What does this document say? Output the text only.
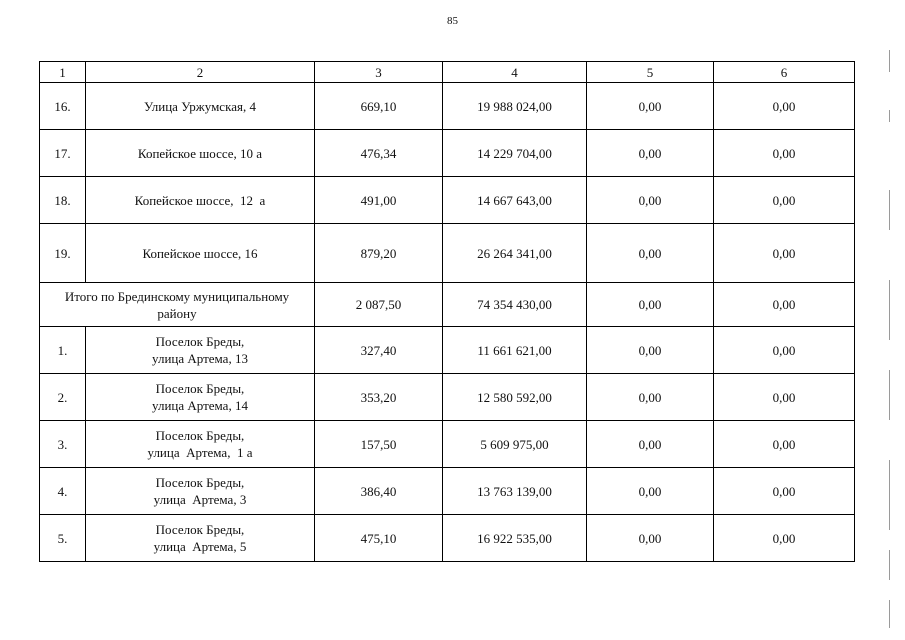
85
1	2	3	4	5	6
16.	Улица Уржумская, 4	669,10	19 988 024,00	0,00	0,00
17.	Копейское шоссе, 10 а	476,34	14 229 704,00	0,00	0,00
18.	Копейское шоссе,  12  а	491,00	14 667 643,00	0,00	0,00
19.	Копейское шоссе, 16	879,20	26 264 341,00	0,00	0,00

Итого по Брединскому муниципальному
району		2 087,50	74 354 430,00	0,00	0,00
1.	Поселок Бреды,
улица Артема, 13	327,40	11 661 621,00	0,00	0,00
2.	Поселок Бреды,
улица Артема, 14	353,20	12 580 592,00	0,00	0,00
3.	Поселок Бреды,
улица  Артема,  1 а	157,50	5 609 975,00	0,00	0,00
4.	Поселок Бреды,
улица  Артема, 3	386,40	13 763 139,00	0,00	0,00
5.	Поселок Бреды,
улица  Артема, 5	475,10	16 922 535,00	0,00	0,00
